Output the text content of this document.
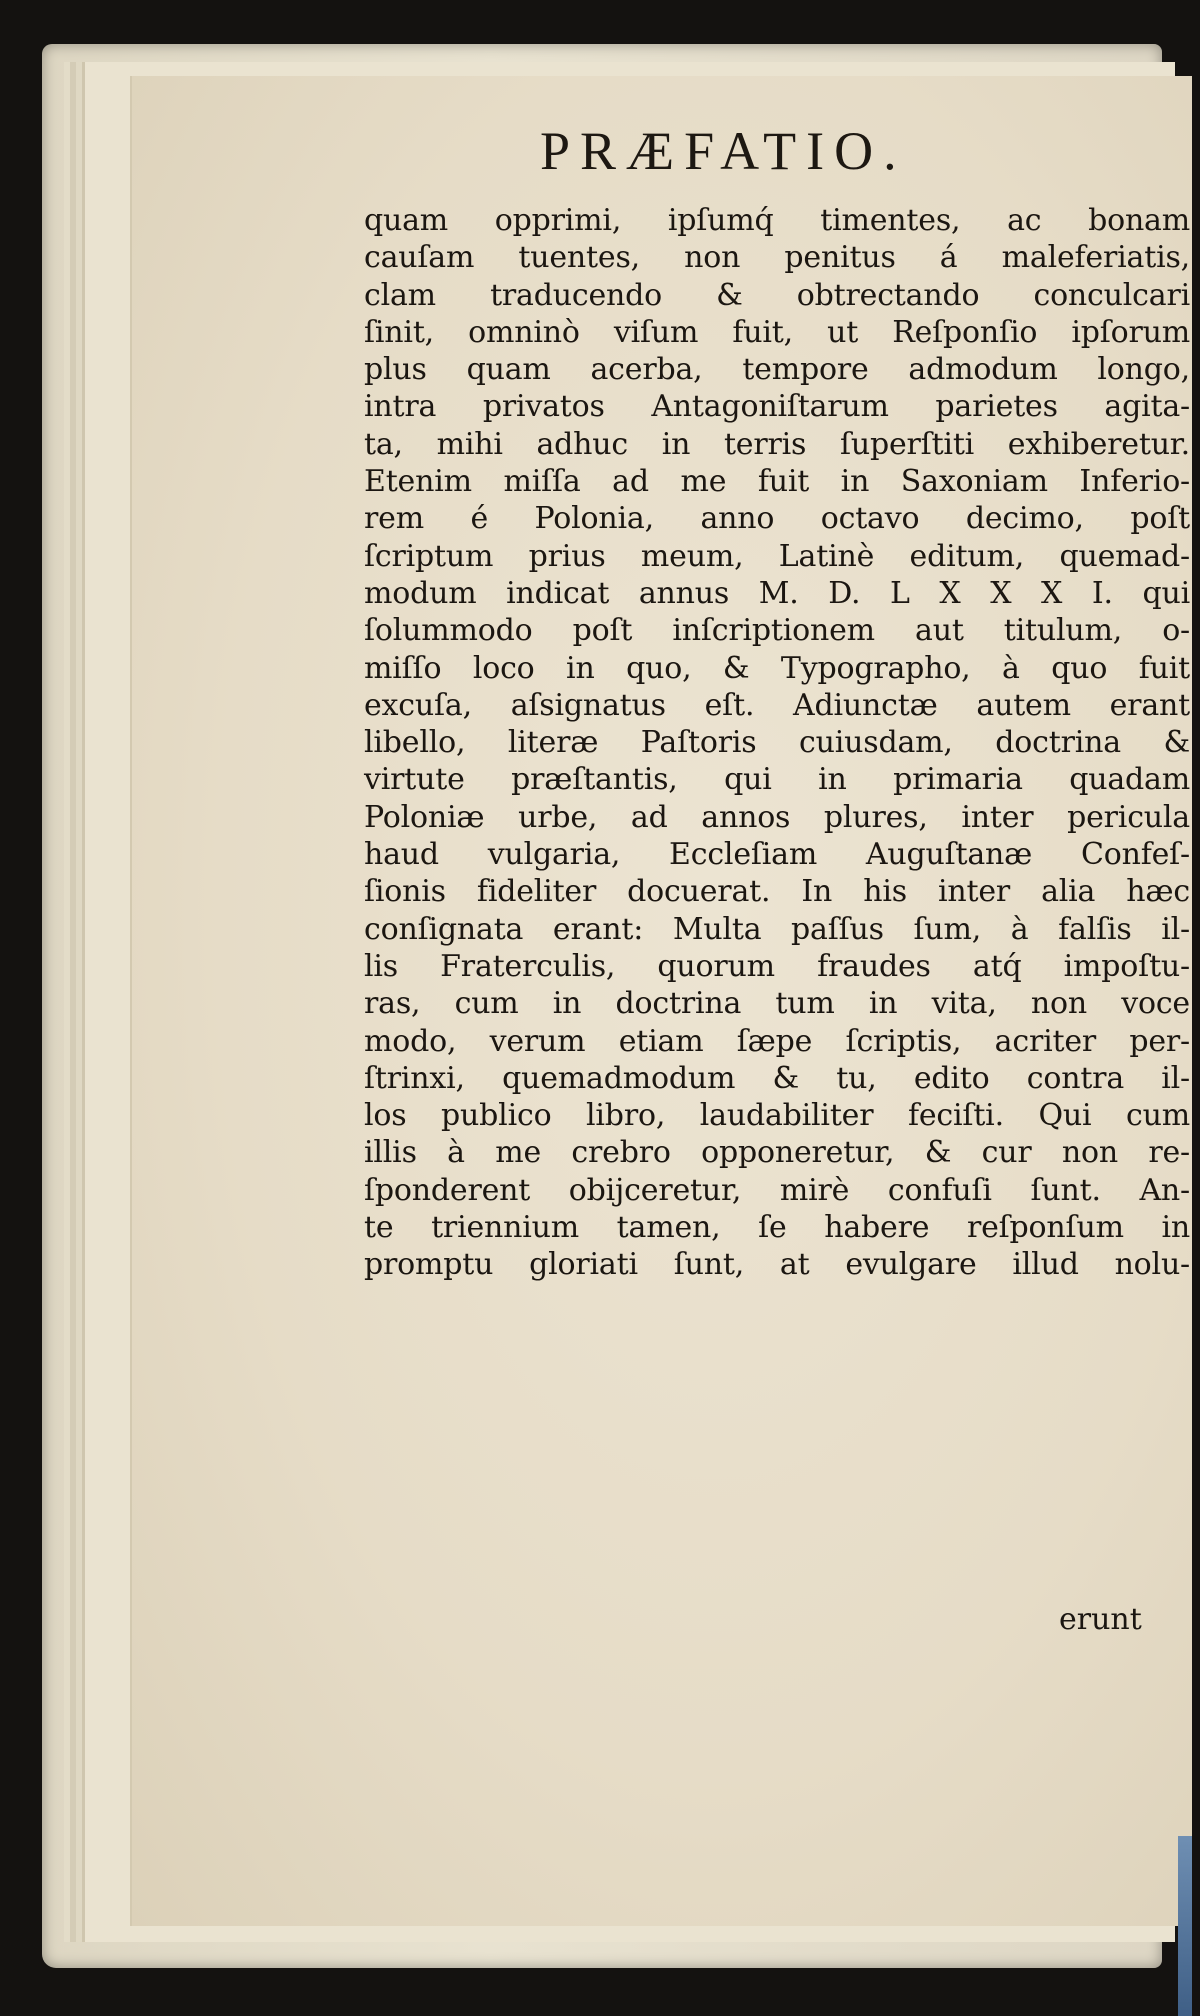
PRÆFATIO.
quam opprimi, ipſumq́ timentes, ac bonam
cauſam tuentes, non penitus á maleferiatis,
clam traducendo & obtrectando conculcari
ſinit, omninò viſum fuit, ut Reſponſio ipſorum
plus quam acerba, tempore admodum longo,
intra privatos Antagoniſtarum parietes agita-
ta, mihi adhuc in terris ſuperſtiti exhiberetur.
Etenim miſſa ad me fuit in Saxoniam Inferio-
rem é Polonia, anno octavo decimo, poſt
ſcriptum prius meum, Latinè editum, quemad-
modum indicat annus M. D. L X X X I. qui
ſolummodo poſt inſcriptionem aut titulum, o-
miſſo loco in quo, & Typographo, à quo fuit
excuſa, aſsignatus eſt. Adiunctæ autem erant
libello, literæ Paſtoris cuiusdam, doctrina &
virtute præſtantis, qui in primaria quadam
Poloniæ urbe, ad annos plures, inter pericula
haud vulgaria, Eccleſiam Auguſtanæ Confeſ-
ſionis fideliter docuerat. In his inter alia hæc
conſignata erant: Multa paſſus ſum, à falſis il-
lis Fraterculis, quorum fraudes atq́ impoſtu-
ras, cum in doctrina tum in vita, non voce
modo, verum etiam ſæpe ſcriptis, acriter per-
ſtrinxi, quemadmodum & tu, edito contra il-
los publico libro, laudabiliter feciſti. Qui cum
illis à me crebro opponeretur, & cur non re-
ſponderent obijceretur, mirè confuſi ſunt. An-
te triennium tamen, ſe habere reſponſum in
promptu gloriati ſunt, at evulgare illud nolu-
erunt
